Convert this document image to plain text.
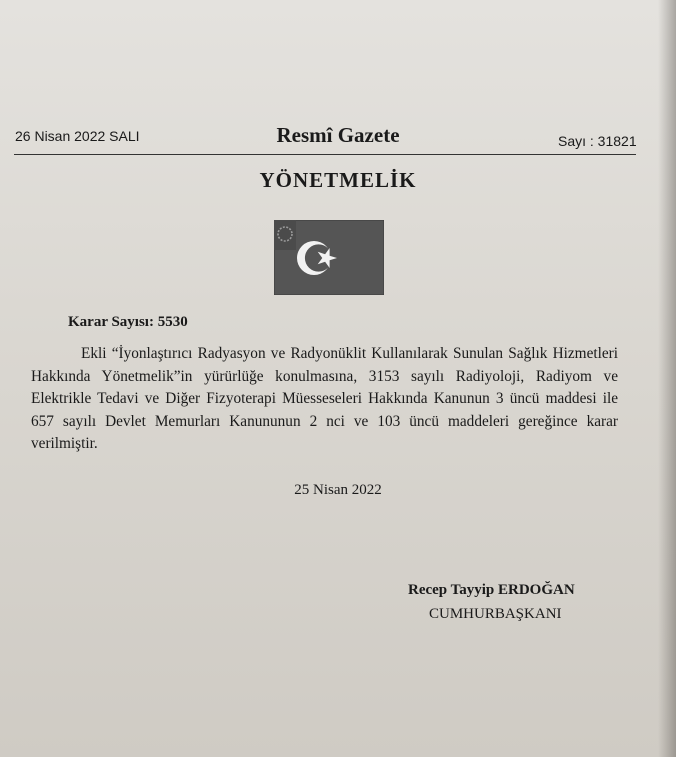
26 Nisan 2022 SALI	Resmî Gazete	Sayı : 31821
YÖNETMELİK
Karar Sayısı: 5530
Ekli “İyonlaştırıcı Radyasyon ve Radyonüklit Kullanılarak Sunulan Sağlık Hizmetleri Hakkında Yönetmelik”in yürürlüğe konulmasına, 3153 sayılı Radiyoloji, Radiyom ve Elektrikle Tedavi ve Diğer Fizyoterapi Müesseseleri Hakkında Kanunun 3 üncü maddesi ile 657 sayılı Devlet Memurları Kanununun 2 nci ve 103 üncü maddeleri gereğince karar verilmiştir.
25 Nisan 2022
Recep Tayyip ERDOĞAN
CUMHURBAŞKANI
